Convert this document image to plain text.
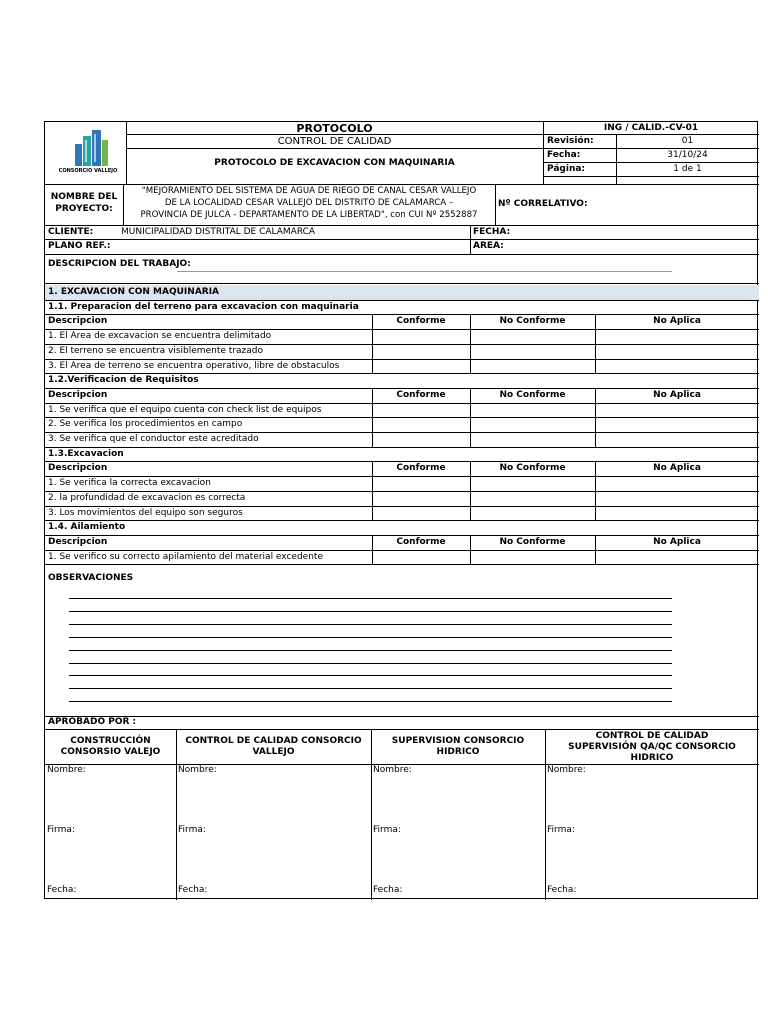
CONSORCIO VALLEJO
PROTOCOLO
CONTROL DE CALIDAD
PROTOCOLO DE EXCAVACION CON MAQUINARIA
ING / CALID.-CV-01
Revisión:	01
Fecha:	31/10/24
Página:	1 de 1
NOMBRE DEL
PROYECTO:
"MEJORAMIENTO DEL SISTEMA DE AGUA DE RIEGO DE CANAL CESAR VALLEJO
DE LA LOCALIDAD CESAR VALLEJO DEL DISTRITO DE CALAMARCA –
PROVINCIA DE JULCA - DEPARTAMENTO DE LA LIBERTAD", con CUI Nº 2552887
Nº CORRELATIVO:
CLIENTE:	MUNICIPALIDAD DISTRITAL DE CALAMARCA	FECHA:
PLANO REF.:	AREA:
DESCRIPCION DEL TRABAJO:
1. EXCAVACION CON MAQUINARIA
1.1. Preparacion del terreno para excavacion con maquinaria
Descripcion	Conforme	No Conforme	No Aplica
1. El Area de excavacion se encuentra delimitado
2. El terreno se encuentra visiblemente trazado
3. El Area de terreno se encuentra operativo, libre de obstaculos
1.2.Verificacion de Requisitos
Descripcion	Conforme	No Conforme	No Aplica
1. Se verifica que el equipo cuenta con check list de equipos
2. Se verifica los procedimientos en campo
3. Se verifica que el conductor este acreditado
1.3.Excavacion
Descripcion	Conforme	No Conforme	No Aplica
1. Se verifica la correcta excavacion
2. la profundidad de excavacion es correcta
3. Los movimientos del equipo son seguros
1.4. Ailamiento
Descripcion	Conforme	No Conforme	No Aplica
1. Se verifico su correcto apilamiento del material excedente
OBSERVACIONES
APROBADO POR :
CONSTRUCCIÓN
CONSORSIO VALEJO
Nombre:
Firma:
Fecha:
CONTROL DE CALIDAD CONSORCIO
VALLEJO
Nombre:
Firma:
Fecha:
SUPERVISION CONSORCIO
HIDRICO
Nombre:
Firma:
Fecha:
CONTROL DE CALIDAD
SUPERVISIÓN QA/QC CONSORCIO
HIDRICO
Nombre:
Firma:
Fecha:
